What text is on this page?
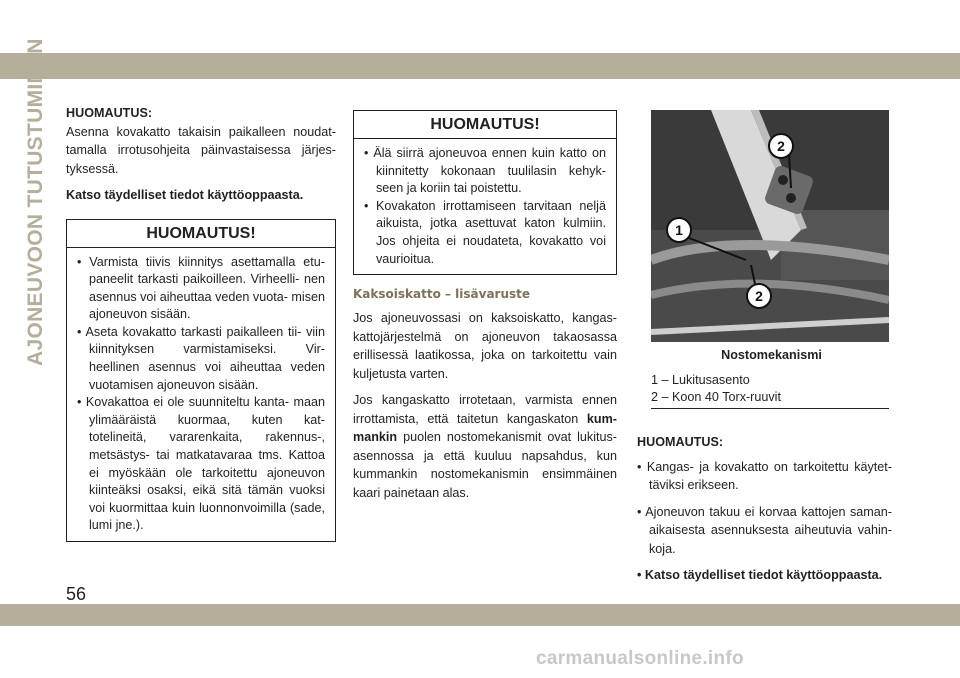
AJONEUVOON TUTUSTUMINEN HUOMAUTUS:

Asenna kovakatto takaisin paikalleen noudat- tamalla irrotusohjeita päinvastaisessa järjes- tyksessä.

Katso täydelliset tiedot käyttöoppaasta.

HUOMAUTUS!
• Varmista tiivis kiinnitys asettamalla etu- paneelit tarkasti paikoilleen. Virheelli- nen asennus voi aiheuttaa veden vuota- misen ajoneuvon sisään.
• Aseta kovakatto tarkasti paikalleen tii- viin kiinnityksen varmistamiseksi. Vir- heellinen asennus voi aiheuttaa veden vuotamisen ajoneuvon sisään.
• Kovakattoa ei ole suunniteltu kanta- maan ylimääräistä kuormaa, kuten kat- totelineitä, vararenkaita, rakennus-, metsästys- tai matkatavaraa tms. Kattoa ei myöskään ole tarkoitettu ajoneuvon kiinteäksi osaksi, eikä sitä tämän vuoksi voi kuormittaa kuin luonnonvoimilla (sade, lumi jne.).
HUOMAUTUS!
• Älä siirrä ajoneuvoa ennen kuin katto on kiinnitetty kokonaan tuulilasin kehyk- seen ja koriin tai poistettu.
• Kovakaton irrottamiseen tarvitaan neljä aikuista, jotka asettuvat katon kulmiin. Jos ohjeita ei noudateta, kovakatto voi vaurioitua.
Kaksoiskatto – lisävaruste

Jos ajoneuvossasi on kaksoiskatto, kangas- kattojärjestelmä on ajoneuvon takaosassa erillisessä laatikossa, joka on tarkoitettu vain kuljetusta varten.

Jos kangaskatto irrotetaan, varmista ennen irrottamista, että taitetun kangaskaton kum- mankin puolen nostomekanismit ovat lukitus- asennossa ja että kuuluu napsahdus, kun kummankin nostomekanismin ensimmäinen kaari painetaan alas.

2
1
2
Nostomekanismi
1 – Lukitusasento
2 – Koon 40 Torx-ruuvit

HUOMAUTUS:

• Kangas- ja kovakatto on tarkoitettu käytet- täviksi erikseen.
• Ajoneuvon takuu ei korvaa kattojen saman- aikaisesta asennuksesta aiheutuvia vahin- koja.
• Katso täydelliset tiedot käyttöoppaasta.
56
carmanualsonline.info
